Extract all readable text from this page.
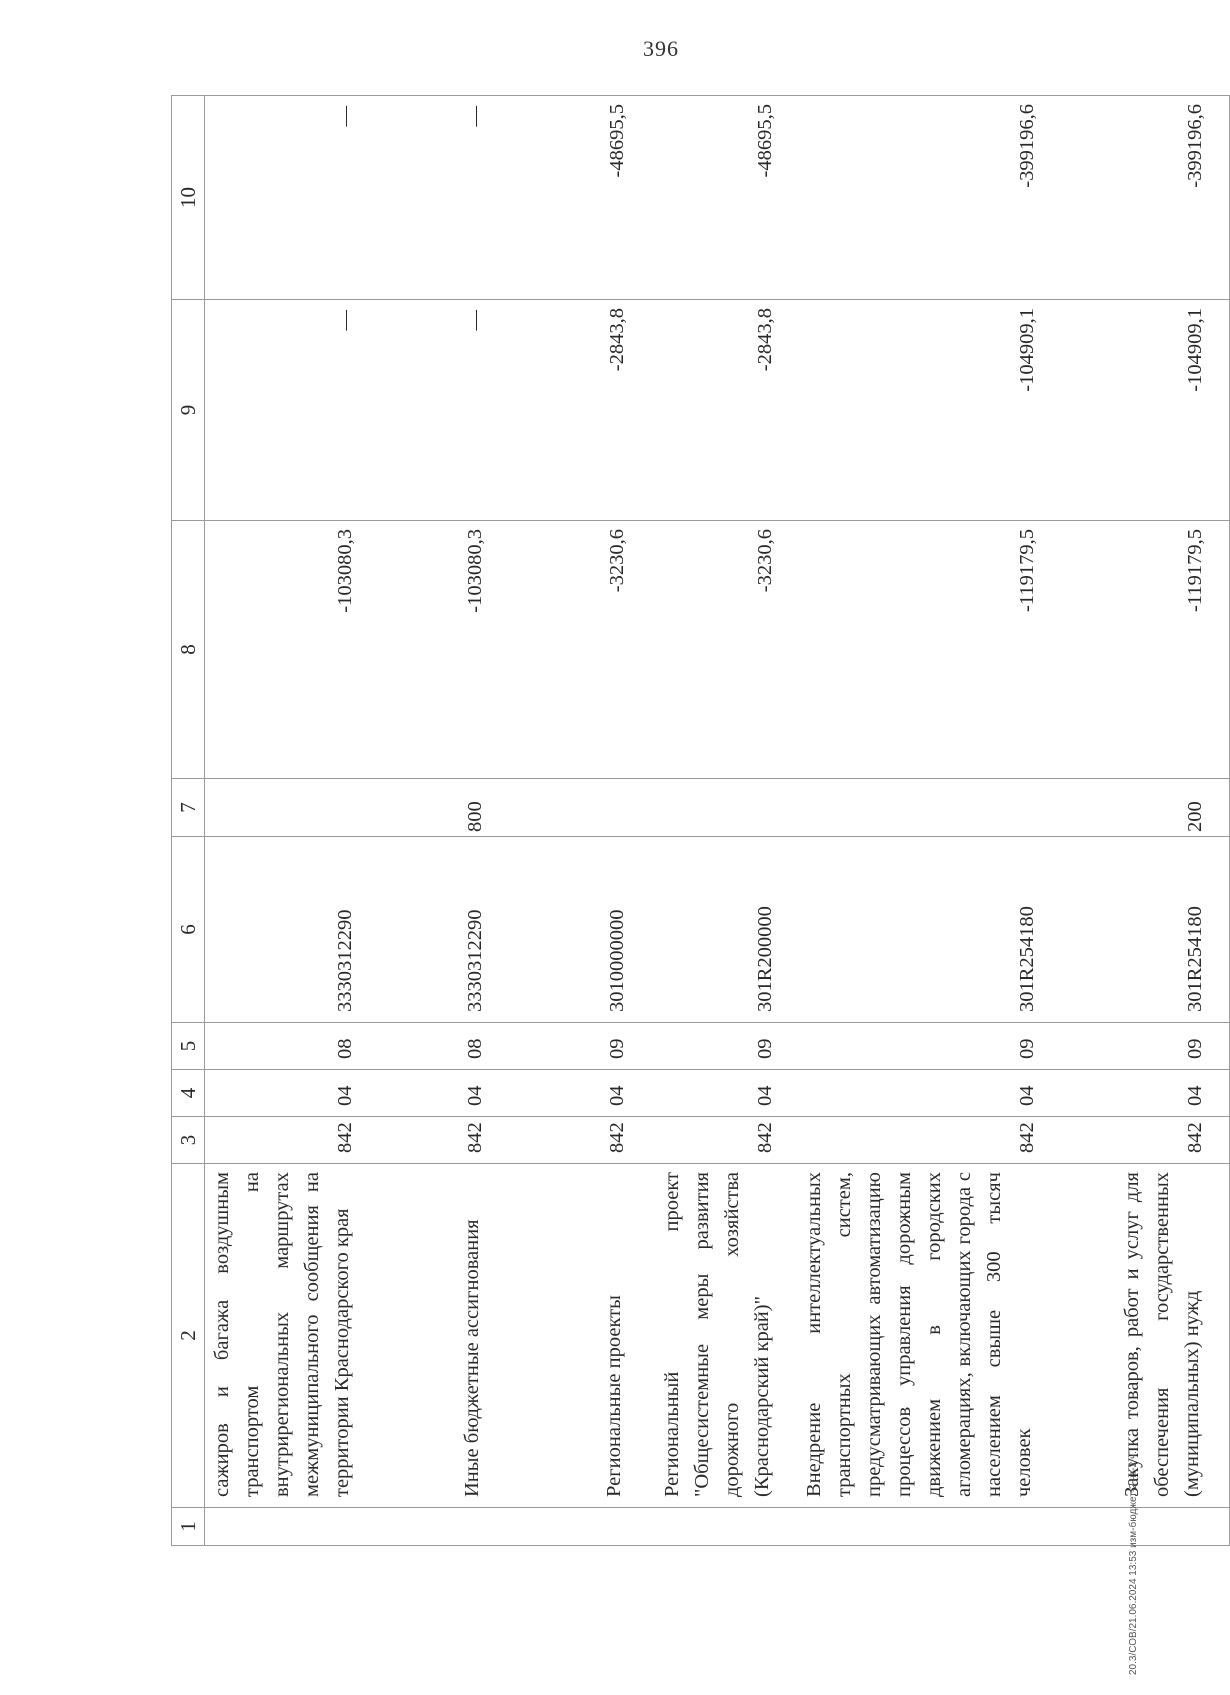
396
1	2	3	4	5	6	7	8	9	10

	сажиров и багажа воздушным транспортом на внутрирегиональных маршрутах межмуниципального сообщения на территории Краснодарского края	842	04	08	3330312290		-103080,3	—	—

	Иные бюджетные ассигнования	842	04	08	3330312290	800	-103080,3	—	—

	Региональные проекты	842	04	09	3010000000		-3230,6	-2843,8	-48695,5

	Региональный проект "Общесистемные меры развития дорожного хозяйства (Краснодарский край)"	842	04	09	301R200000		-3230,6	-2843,8	-48695,5

	Внедрение интеллектуальных транспортных систем, предусматривающих автоматизацию процессов управления дорожным движением в городских агломерациях, включающих города с населением свыше 300 тысяч человек	842	04	09	301R254180		-119179,5	-104909,1	-399196,6

	Закупка товаров, работ и услуг для обеспечения государственных (муниципальных) нужд	842	04	09	301R254180	200	-119179,5	-104909,1	-399196,6
20.3/СОВ/21.06.2024 13:53 изм-бюджет-2 чт-2 ч.
